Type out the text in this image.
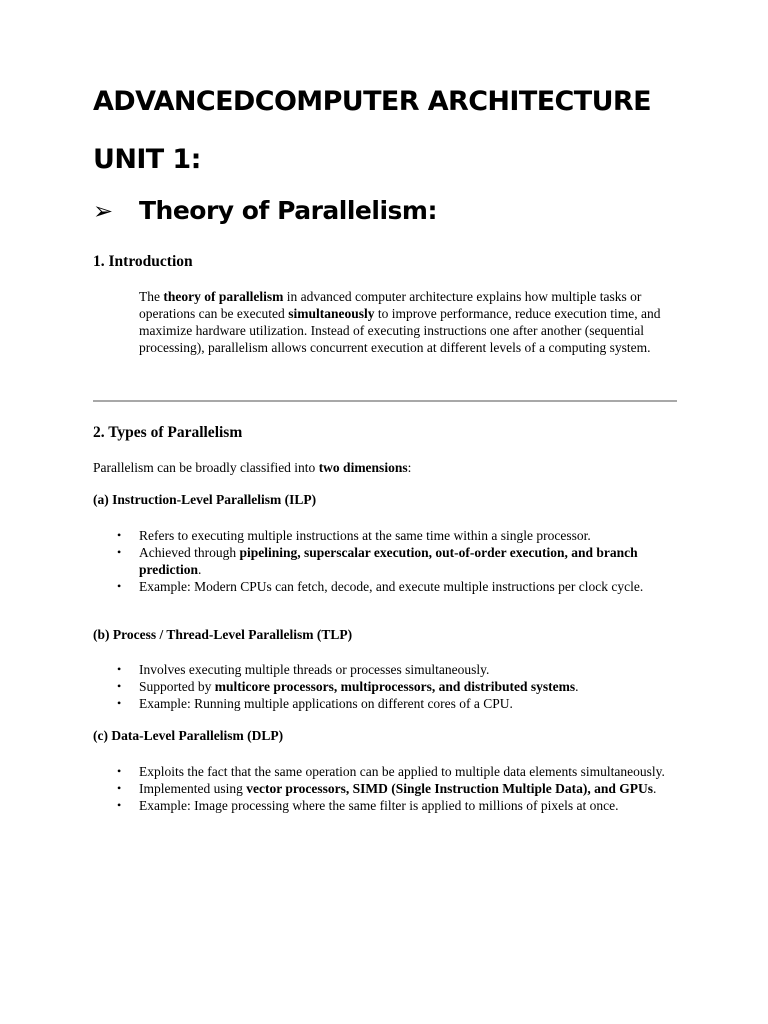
ADVANCEDCOMPUTER ARCHITECTURE
UNIT 1:
➢	Theory of Parallelism:
1. Introduction

The theory of parallelism in advanced computer architecture explains how multiple tasks or operations can be executed simultaneously to improve performance, reduce execution time, and maximize hardware utilization. Instead of executing instructions one after another (sequential processing), parallelism allows concurrent execution at different levels of a computing system.

2. Types of Parallelism

Parallelism can be broadly classified into two dimensions:

(a) Instruction-Level Parallelism (ILP)
• Refers to executing multiple instructions at the same time within a single processor.
• Achieved through pipelining, superscalar execution, out-of-order execution, and branch prediction.
• Example: Modern CPUs can fetch, decode, and execute multiple instructions per clock cycle.
(b) Process / Thread-Level Parallelism (TLP)
• Involves executing multiple threads or processes simultaneously.
• Supported by multicore processors, multiprocessors, and distributed systems.
• Example: Running multiple applications on different cores of a CPU.
(c) Data-Level Parallelism (DLP)
• Exploits the fact that the same operation can be applied to multiple data elements simultaneously.
• Implemented using vector processors, SIMD (Single Instruction Multiple Data), and GPUs.
• Example: Image processing where the same filter is applied to millions of pixels at once.
